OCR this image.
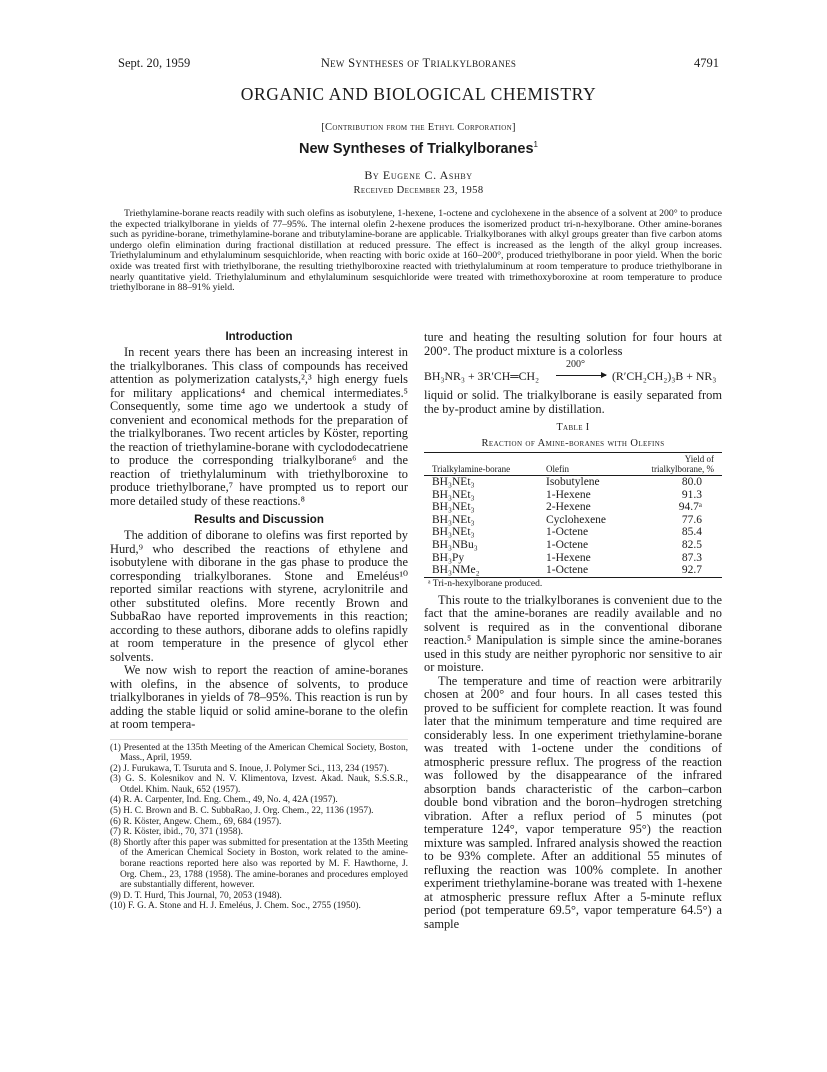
Sept. 20, 1959	New Syntheses of Trialkylboranes	4791
ORGANIC AND BIOLOGICAL CHEMISTRY
[Contribution from the Ethyl Corporation]
New Syntheses of Trialkylboranes$^1$
By Eugene C. Ashby
Received December 23, 1958

Triethylamine-borane reacts readily with such olefins as isobutylene, 1-hexene, 1-octene and cyclohexene in the absence of a solvent at 200° to produce the expected trialkylborane in yields of 77–95%. The internal olefin 2-hexene produces the isomerized product tri-n-hexylborane. Other amine-boranes such as pyridine-borane, trimethylamine-borane and tributylamine-borane are applicable. Trialkylboranes with alkyl groups greater than five carbon atoms undergo olefin elimination during fractional distillation at reduced pressure. The effect is increased as the length of the alkyl group increases. Triethylaluminum and ethylaluminum sesquichloride, when reacting with boric oxide at 160–200°, produced triethylborane in poor yield. When the boric oxide was treated first with triethylborane, the resulting triethylboroxine reacted with triethylaluminum at room temperature to produce triethylborane in nearly quantitative yield. Triethylaluminum and ethylaluminum sesquichloride were treated with trimethoxyboroxine at room temperature to produce triethylborane in 88–91% yield.

Introduction

In recent years there has been an increasing interest in the trialkylboranes. This class of compounds has received attention as polymerization catalysts,²,³ high energy fuels for military applications⁴ and chemical intermediates.⁵ Consequently, some time ago we undertook a study of convenient and economical methods for the preparation of the trialkylboranes. Two recent articles by Köster, reporting the reaction of triethylamine-borane with cyclododecatriene to produce the corresponding trialkylborane⁶ and the reaction of triethylaluminum with triethylboroxine to produce triethylborane,⁷ have prompted us to report our more detailed study of these reactions.⁸

Results and Discussion

The addition of diborane to olefins was first reported by Hurd,⁹ who described the reactions of ethylene and isobutylene with diborane in the gas phase to produce the corresponding trialkylboranes. Stone and Emeléus¹⁰ reported similar reactions with styrene, acrylonitrile and other substituted olefins. More recently Brown and SubbaRao have reported improvements in this reaction; according to these authors, diborane adds to olefins rapidly at room temperature in the presence of glycol ether solvents.

We now wish to report the reaction of amine-boranes with olefins, in the absence of solvents, to produce trialkylboranes in yields of 78–95%. This reaction is run by adding the stable liquid or solid amine-borane to the olefin at room tempera-

(1) Presented at the 135th Meeting of the American Chemical Society, Boston, Mass., April, 1959.

(2) J. Furukawa, T. Tsuruta and S. Inoue, J. Polymer Sci., 113, 234 (1957).

(3) G. S. Kolesnikov and N. V. Klimentova, Izvest. Akad. Nauk, S.S.S.R., Otdel. Khim. Nauk, 652 (1957).

(4) R. A. Carpenter, Ind. Eng. Chem., 49, No. 4, 42A (1957).

(5) H. C. Brown and B. C. SubbaRao, J. Org. Chem., 22, 1136 (1957).

(6) R. Köster, Angew. Chem., 69, 684 (1957).

(7) R. Köster, ibid., 70, 371 (1958).

(8) Shortly after this paper was submitted for presentation at the 135th Meeting of the American Chemical Society in Boston, work related to the amine-borane reactions reported here also was reported by M. F. Hawthorne, J. Org. Chem., 23, 1788 (1958). The amine-boranes and procedures employed are substantially different, however.

(9) D. T. Hurd, This Journal, 70, 2053 (1948).

(10) F. G. A. Stone and H. J. Emeléus, J. Chem. Soc., 2755 (1950).

ture and heating the resulting solution for four hours at 200°. The product mixture is a colorless

BH₃NR₃ + 3R′CH═CH₂
200°
(R′CH₂CH₂)₃B + NR₃

liquid or solid. The trialkylborane is easily separated from the by-product amine by distillation.

Table I
Reaction of Amine-boranes with Olefins
Trialkylamine-borane	Olefin	Yield of trialkylborane, %
BH₃NEt₃	Isobutylene	80.0
BH₃NEt₃	1-Hexene	91.3
BH₃NEt₃	2-Hexene	94.7ᵃ
BH₃NEt₃	Cyclohexene	77.6
BH₃NEt₃	1-Octene	85.4
BH₃NBu₃	1-Octene	82.5
BH₃Py	1-Hexene	87.3
BH₃NMe₂	1-Octene	92.7
ᵃ Tri-n-hexylborane produced.

This route to the trialkylboranes is convenient due to the fact that the amine-boranes are readily available and no solvent is required as in the conventional diborane reaction.⁵ Manipulation is simple since the amine-boranes used in this study are neither pyrophoric nor sensitive to air or moisture.

The temperature and time of reaction were arbitrarily chosen at 200° and four hours. In all cases tested this proved to be sufficient for complete reaction. It was found later that the minimum temperature and time required are considerably less. In one experiment triethylamine-borane was treated with 1-octene under the conditions of atmospheric pressure reflux. The progress of the reaction was followed by the disappearance of the infrared absorption bands characteristic of the carbon–carbon double bond vibration and the boron–hydrogen stretching vibration. After a reflux period of 5 minutes (pot temperature 124°, vapor temperature 95°) the reaction mixture was sampled. Infrared analysis showed the reaction to be 93% complete. After an additional 55 minutes of refluxing the reaction was 100% complete. In another experiment triethylamine-borane was treated with 1-hexene at atmospheric pressure reflux After a 5-minute reflux period (pot temperature 69.5°, vapor temperature 64.5°) a sample
